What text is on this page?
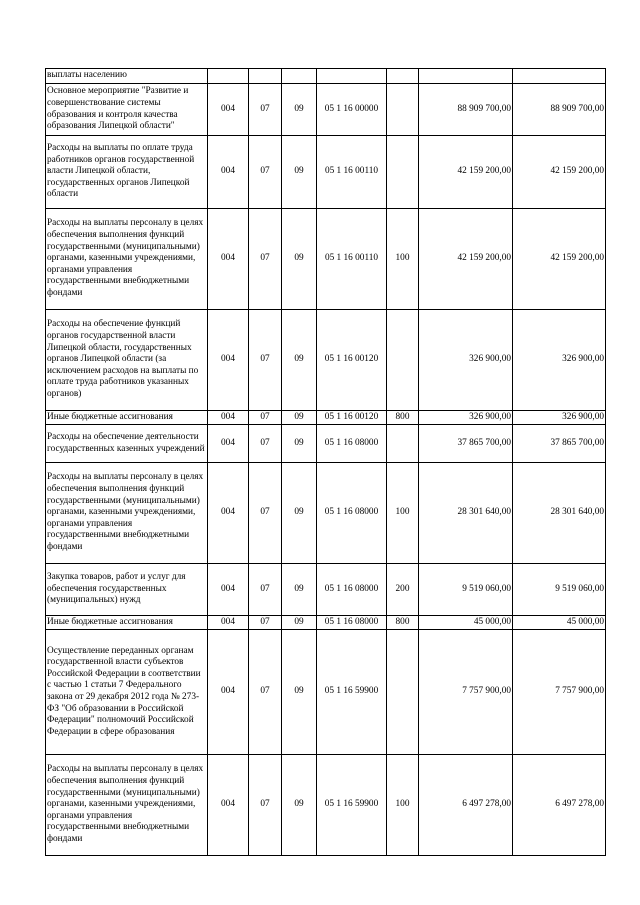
выплаты населению							
Основное мероприятие "Развитие и совершенствование системы образования и контроля качества образования Липецкой области"	004	07	09	05 1 16 00000		88 909 700,00	88 909 700,00
Расходы на выплаты по оплате труда работников органов государственной власти Липецкой области, государственных органов Липецкой области	004	07	09	05 1 16 00110		42 159 200,00	42 159 200,00
Расходы на выплаты персоналу в целях обеспечения выполнения функций государственными (муниципальными) органами, казенными учреждениями, органами управления государственными внебюджетными фондами	004	07	09	05 1 16 00110	100	42 159 200,00	42 159 200,00
Расходы на обеспечение функций органов государственной власти Липецкой области, государственных органов Липецкой области (за исключением расходов на выплаты по оплате труда работников указанных органов)	004	07	09	05 1 16 00120		326 900,00	326 900,00
Иные бюджетные ассигнования	004	07	09	05 1 16 00120	800	326 900,00	326 900,00
Расходы на обеспечение деятельности государственных казенных учреждений	004	07	09	05 1 16 08000		37 865 700,00	37 865 700,00
Расходы на выплаты персоналу в целях обеспечения выполнения функций государственными (муниципальными) органами, казенными учреждениями, органами управления государственными внебюджетными фондами	004	07	09	05 1 16 08000	100	28 301 640,00	28 301 640,00
Закупка товаров, работ и услуг для обеспечения государственных (муниципальных) нужд	004	07	09	05 1 16 08000	200	9 519 060,00	9 519 060,00
Иные бюджетные ассигнования	004	07	09	05 1 16 08000	800	45 000,00	45 000,00
Осуществление переданных органам государственной власти субъектов Российской Федерации в соответствии с частью 1 статьи 7 Федерального закона от 29 декабря 2012 года № 273-ФЗ "Об образовании в Российской Федерации" полномочий Российской Федерации в сфере образования	004	07	09	05 1 16 59900		7 757 900,00	7 757 900,00
Расходы на выплаты персоналу в целях обеспечения выполнения функций государственными (муниципальными) органами, казенными учреждениями, органами управления государственными внебюджетными фондами	004	07	09	05 1 16 59900	100	6 497 278,00	6 497 278,00
